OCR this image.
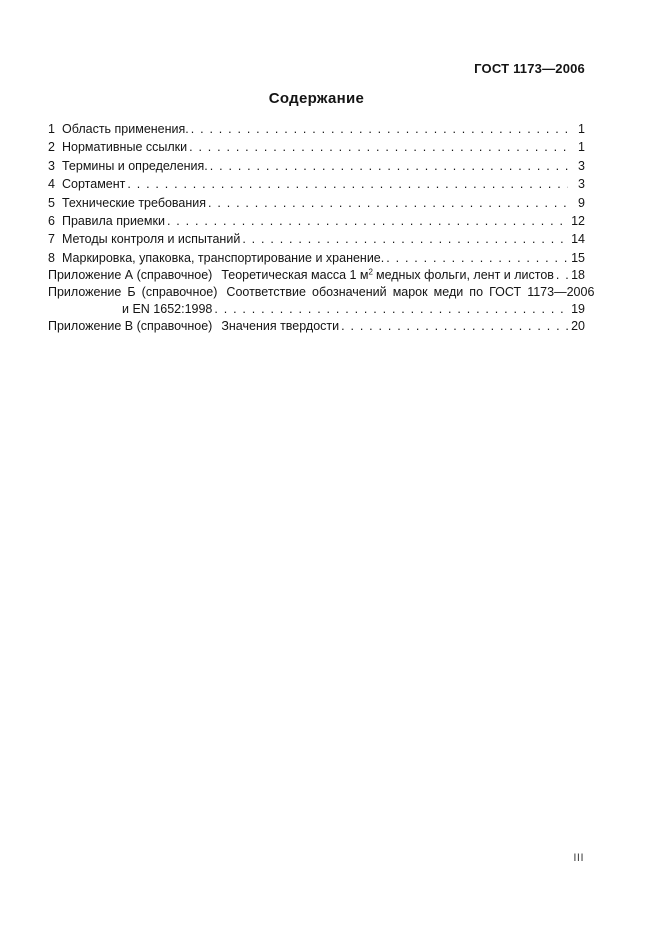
ГОСТ 1173—2006
Содержание
1 Область применения. . . .	1
2 Нормативные ссылки . . .	1
3 Термины и определения. . . .	3
4 Сортамент . . .	3
5 Технические требования . . .	9
6 Правила приемки . . .	12
7 Методы контроля и испытаний . . .	14
8 Маркировка, упаковка, транспортирование и хранение. . . .	15
Приложение А (справочное) Теоретическая масса 1 $м^2$ медных фольги, лент и листов . . . 18
Приложение Б (справочное) Соответствие обозначений марок меди по ГОСТ 1173—2006
и EN 1652:1998 . . .	19
Приложение В (справочное) Значения твердости . . .	20
III
